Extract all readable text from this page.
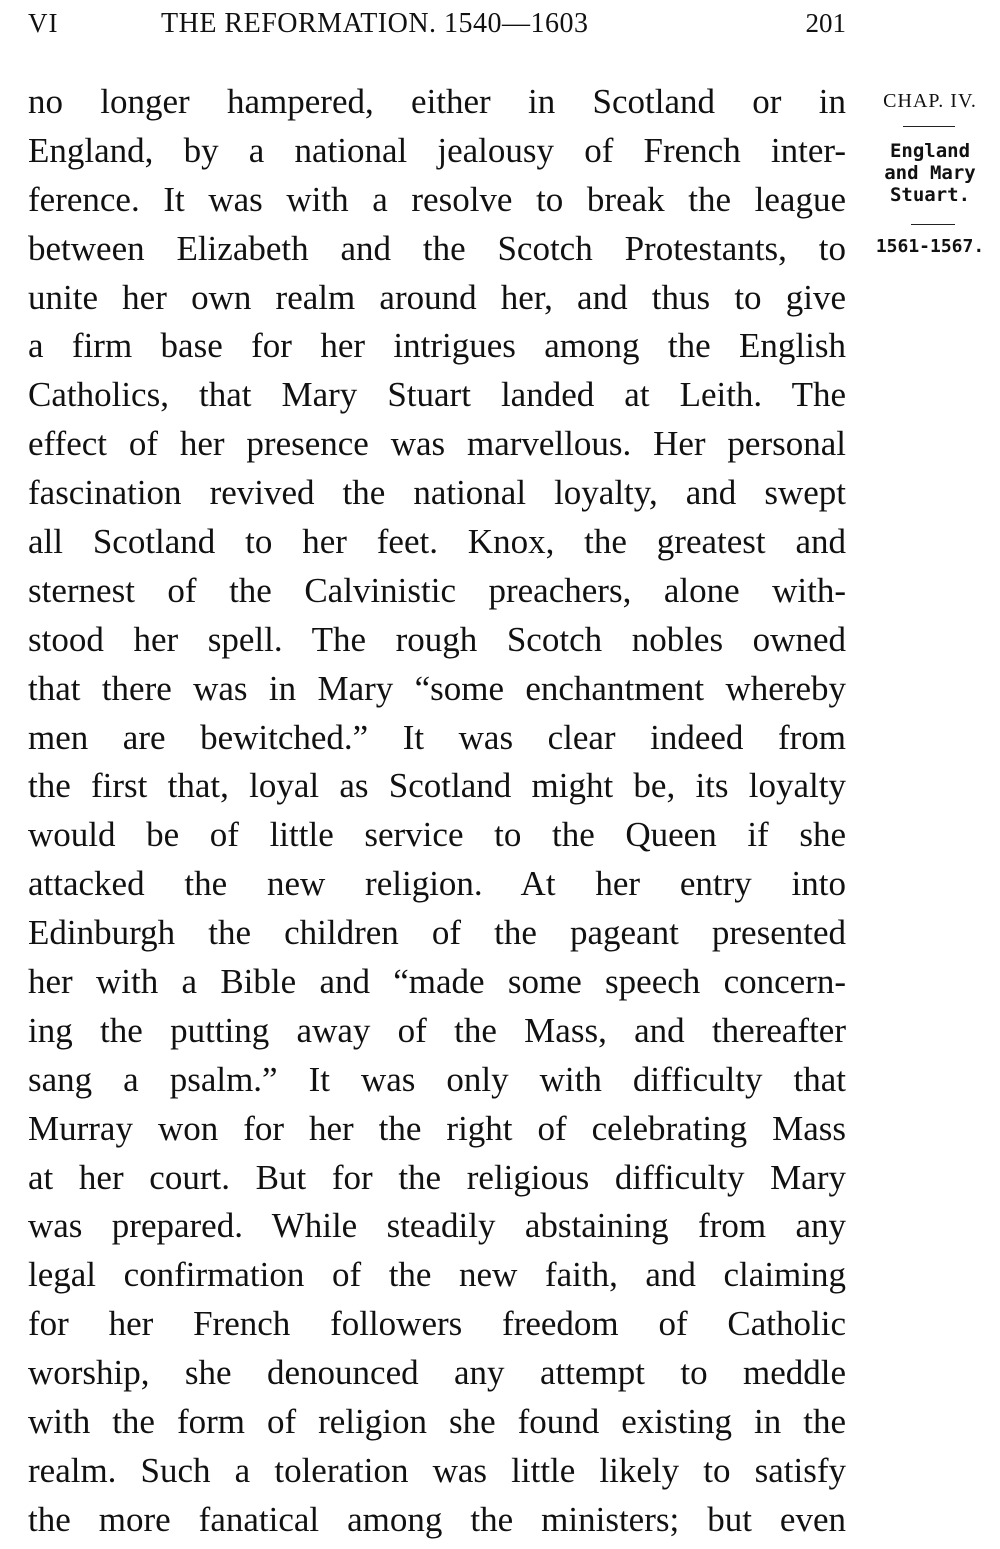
VI	THE REFORMATION. 1540—1603	201
no longer hampered, either in Scotland or in
England, by a national jealousy of French inter-
ference. It was with a resolve to break the league
between Elizabeth and the Scotch Protestants, to
unite her own realm around her, and thus to give
a firm base for her intrigues among the English
Catholics, that Mary Stuart landed at Leith. The
effect of her presence was marvellous. Her personal
fascination revived the national loyalty, and swept
all Scotland to her feet. Knox, the greatest and
sternest of the Calvinistic preachers, alone with-
stood her spell. The rough Scotch nobles owned
that there was in Mary “some enchantment whereby
men are bewitched.” It was clear indeed from
the first that, loyal as Scotland might be, its loyalty
would be of little service to the Queen if she
attacked the new religion. At her entry into
Edinburgh the children of the pageant presented
her with a Bible and “made some speech concern-
ing the putting away of the Mass, and thereafter
sang a psalm.” It was only with difficulty that
Murray won for her the right of celebrating Mass
at her court. But for the religious difficulty Mary
was prepared. While steadily abstaining from any
legal confirmation of the new faith, and claiming
for her French followers freedom of Catholic
worship, she denounced any attempt to meddle
with the form of religion she found existing in the
realm. Such a toleration was little likely to satisfy
the more fanatical among the ministers; but even
CHAP. IV.
England
and Mary
Stuart.
1561-1567.
